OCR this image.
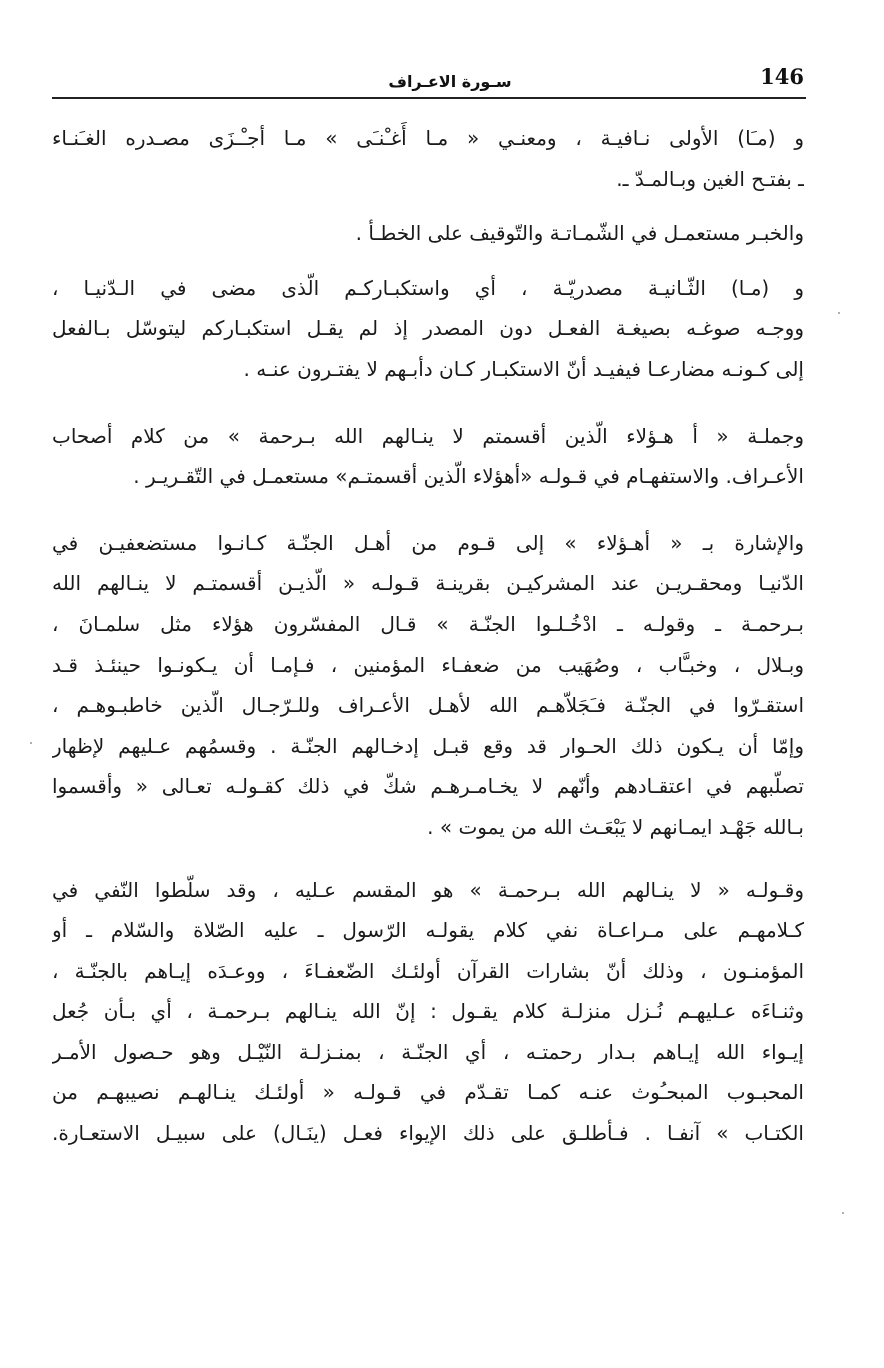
146
سـورة الاعـراف
و (مـَا) الأولى نـافيـة ، ومعنـي « مـا أَغـْنـَى » مـا أجـْـزَى مصـدره الغـَنـاء
ـ بفتـح الغين وبـالمـدّ ـ.
والخبـر مستعمـل في الشّمـاتـة والتّوقيف على الخطـأ .
و (مـا) الثّـانيـة مصدريّـة ، أي واستكبـاركـم الّذى مضى في الـدّنيـا ،
ووجـه صوغـه بصيغـة الفعـل دون المصدر إذ لم يقـل استكبـاركم ليتوسّل بـالفعل
إلى كـونـه مضارعـا فيفيـد أنّ الاستكبـار كـان دأبـهم لا يفتـرون عنـه .
وجملـة « أ هـؤلاء الّذين أقسمتم لا ينـالهم الله بـرحمة » من كلام أصحاب
الأعـراف. والاستفهـام في قـولـه «أهؤلاء الّذين أقسمتـم» مستعمـل في التّقـريـر .
والإشارة بـ « أهـؤلاء » إلى قـوم من أهـل الجنّـة كـانـوا مستضعفيـن في
الدّنيـا ومحقـريـن عند المشركيـن بقرينـة قـولـه « الّذيـن أقسمتـم لا ينـالهم الله
بـرحمـة ـ وقولـه ـ ادْخُـلـوا الجنّـة » قـال المفسّرون هؤلاء مثل سلمـانَ ،
وبـلال ، وخبـَّاب ، وصُهَيب من ضعفـاء المؤمنين ، فـإمـا أن يـكونـوا حينئـذ قـد
استقـرّوا في الجنّـة فـَجَلاّهـم الله لأهـل الأعـراف وللـرّجـال الّذين خاطبـوهـم ،
وإمّا أن يـكون ذلك الحـوار قد وقع قبـل إدخـالهم الجنّـة . وقسمُهم عـليهم لإظهار
تصلّبهم في اعتقـادهم وأنّهم لا يخـامـرهـم شكّ في ذلك كقـولـه تعـالى « وأقسموا
بـالله جَهْـد ايمـانهم لا يَبْعَـث الله من يموت » .
وقـولـه « لا ينـالهم الله بـرحمـة » هو المقسم عـليه ، وقد سلّطوا النّفي في
كـلامهـم على مـراعـاة نفي كلام يقولـه الرّسول ـ عليه الصّلاة والسّلام ـ أو
المؤمنـون ، وذلك أنّ بشارات القرآن أولئـك الضّعفـاءَ ، ووعـدَه إيـاهم بالجنّـة ،
وثنـاءَه عـليهـم نُـزل منزلـة كلام يقـول : إنّ الله ينـالهم بـرحمـة ، أي بـأن جُعل
إيـواء الله إيـاهم بـدار رحمتـه ، أي الجنّـة ، بمنـزلـة النّيْـل وهو حـصول الأمـر
المحبـوب المبحـُوث عنـه كمـا تقـدّم في قـولـه « أولئـك ينـالهـم نصيبهـم من
الكتـاب » آنفـا . فـأطلـق على ذلك الإيواء فعـل (ينَـال) على سبيـل الاستعـارة.
